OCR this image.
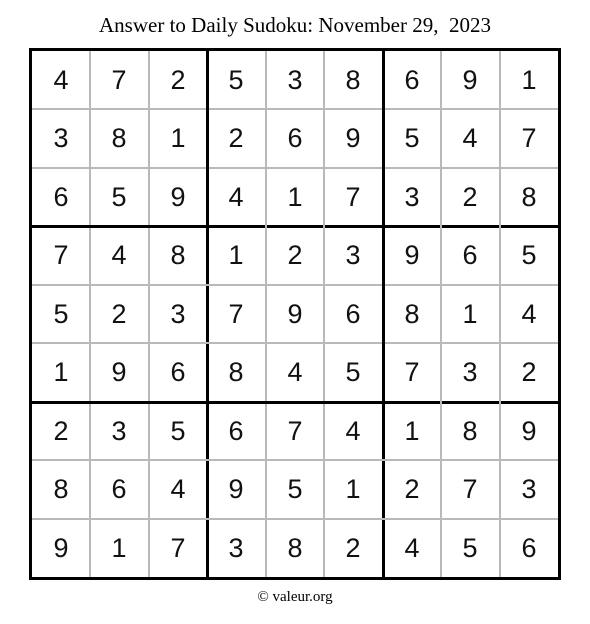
Answer to Daily Sudoku: November 29,  2023
4	7	2	5	3	8	6	9	1
3	8	1	2	6	9	5	4	7
6	5	9	4	1	7	3	2	8
7	4	8	1	2	3	9	6	5
5	2	3	7	9	6	8	1	4
1	9	6	8	4	5	7	3	2
2	3	5	6	7	4	1	8	9
8	6	4	9	5	1	2	7	3
9	1	7	3	8	2	4	5	6
© valeur.org
